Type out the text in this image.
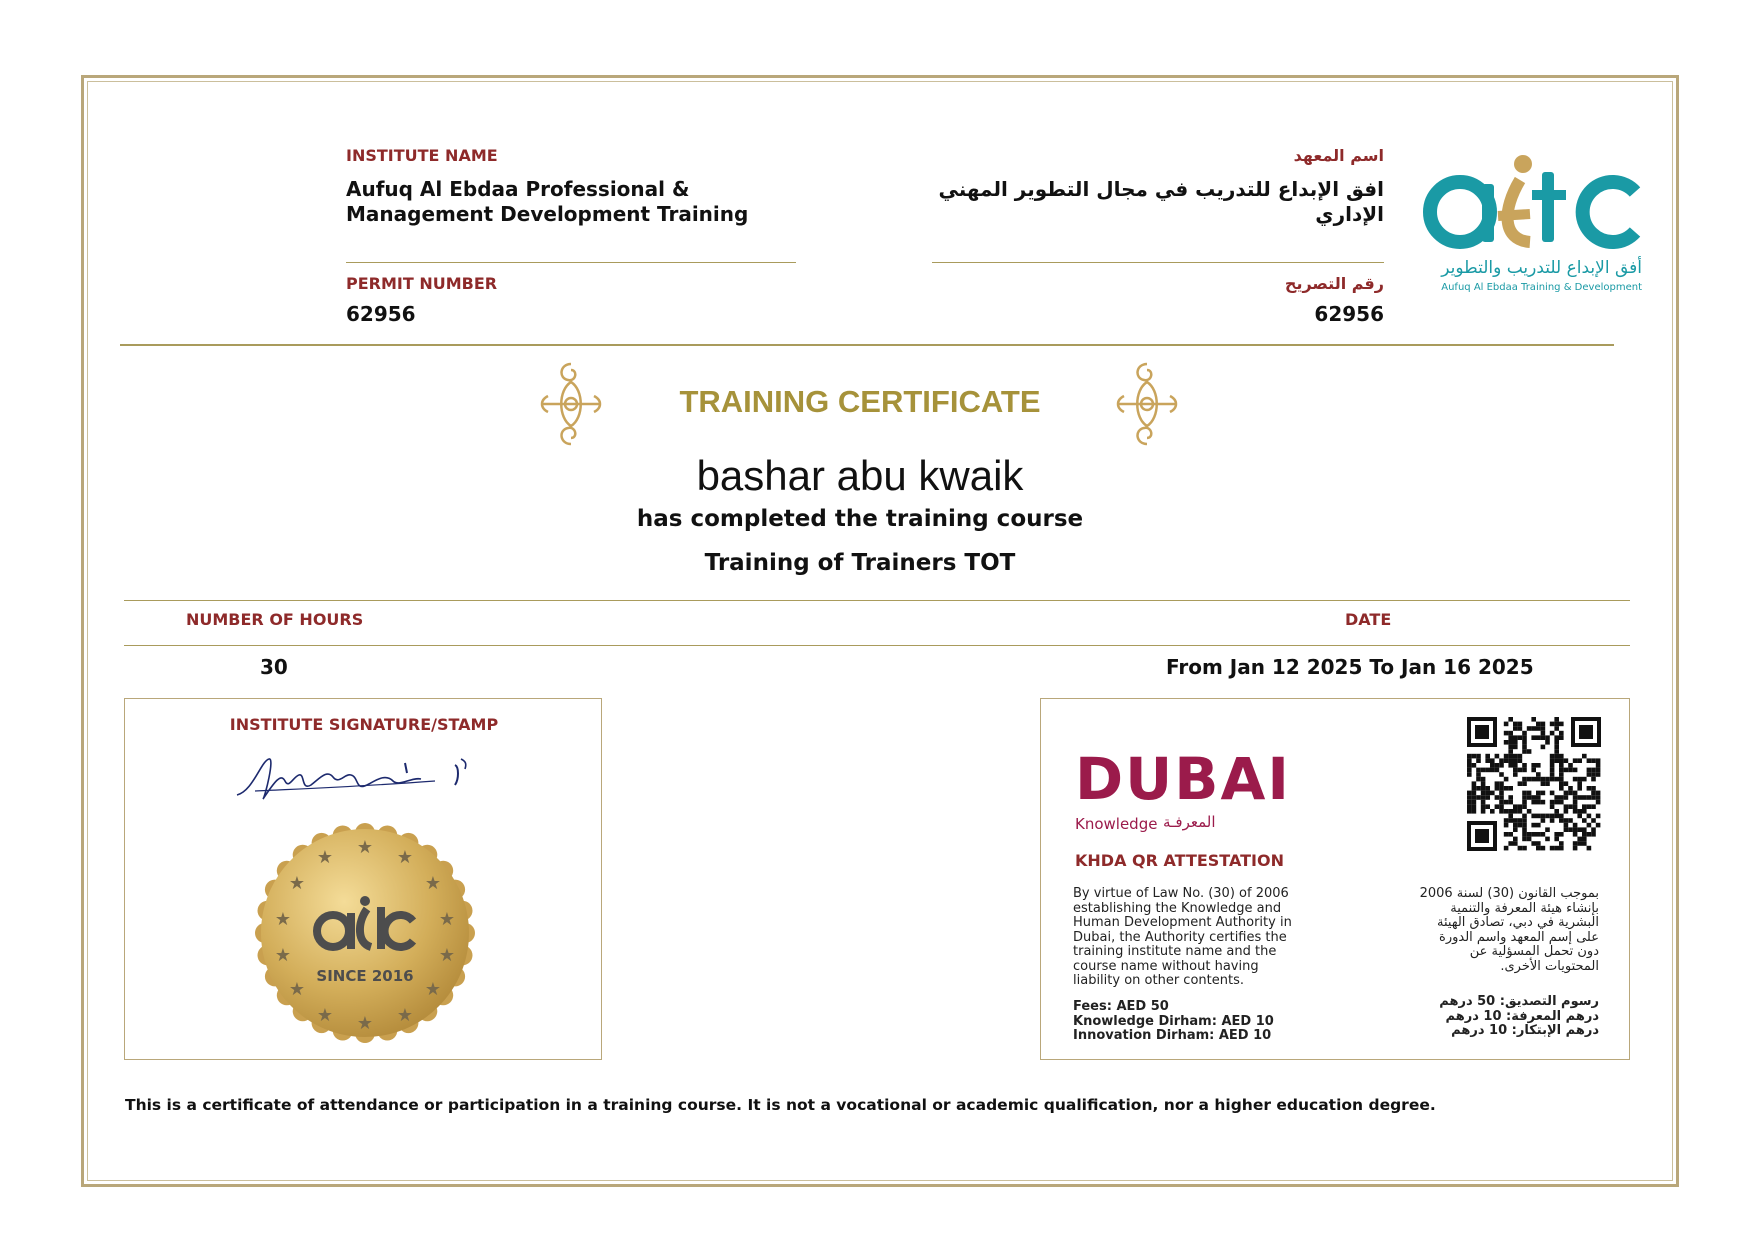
INSTITUTE NAME
Aufuq Al Ebdaa Professional &
Management Development Training
PERMIT NUMBER
62956
اسم المعهد
افق الإبداع للتدريب في مجال التطوير المهني
الإداري
رقم التصريح
62956
أفق الإبداع للتدريب والتطوير
Aufuq Al Ebdaa Training & Development
TRAINING CERTIFICATE
bashar abu kwaik
has completed the training course
Training of Trainers TOT
NUMBER OF HOURS	DATE
30	From Jan 12 2025 To Jan 16 2025
INSTITUTE SIGNATURE/STAMP
★ ★
★
★
★
★
★
★
★
★
★
★
★
★
SINCE 2016
DUBAI
Knowledge المعرفـة
KHDA QR ATTESTATION
By virtue of Law No. (30) of 2006
establishing the Knowledge and
Human Development Authority in
Dubai, the Authority certifies the
training institute name and the
course name without having
liability on other contents.
Fees: AED 50
Knowledge Dirham: AED 10
Innovation Dirham: AED 10
بموجب القانون (30) لسنة 2006
بإنشاء هيئة المعرفة والتنمية
البشرية في دبي، تصادق الهيئة
على إسم المعهد واسم الدورة
دون تحمل المسؤلية عن
المحتويات الأخرى.
رسوم التصديق: 50 درهم
درهم المعرفة: 10 درهم
درهم الإبتكار: 10 درهم
This is a certificate of attendance or participation in a training course. It is not a vocational or academic qualification, nor a higher education degree.
